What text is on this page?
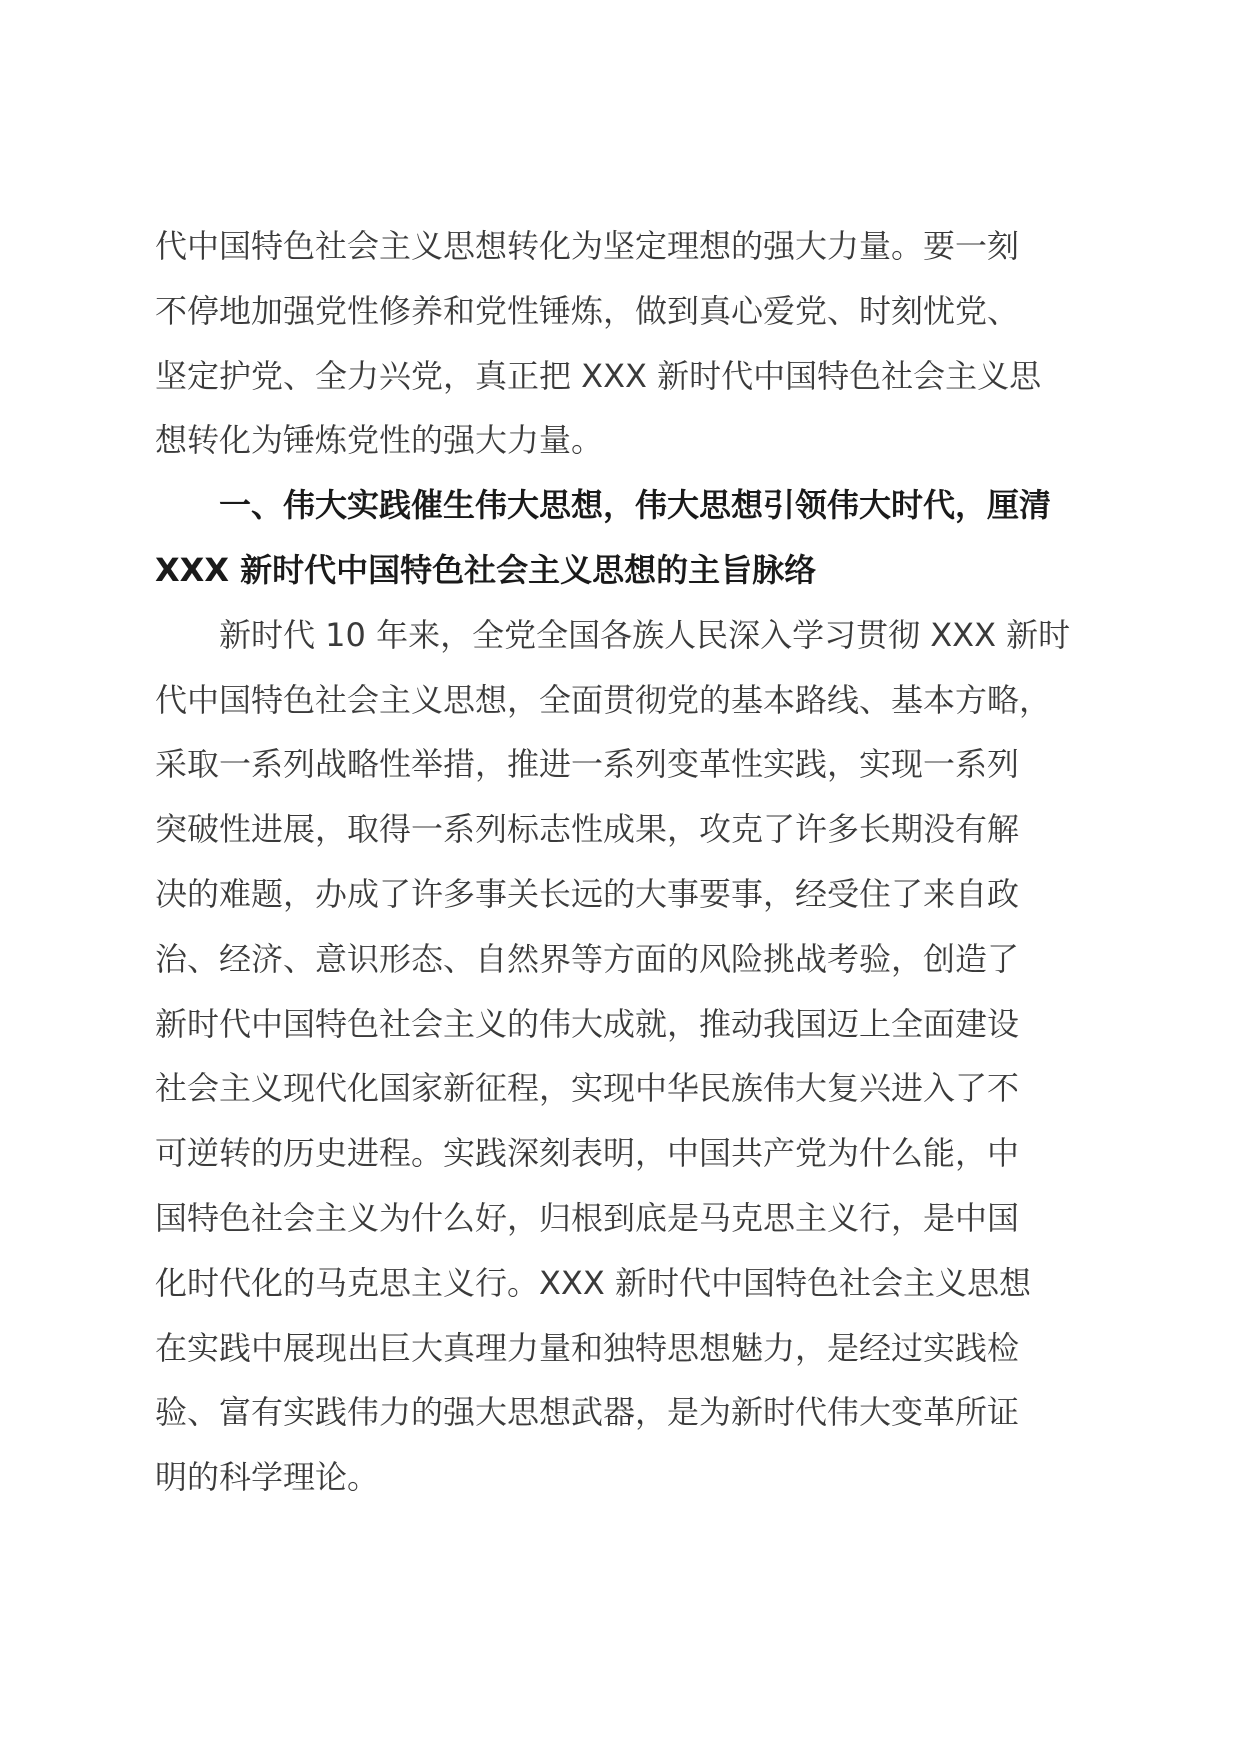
代中国特色社会主义思想转化为坚定理想的强大力量。要一刻
不停地加强党性修养和党性锤炼，做到真心爱党、时刻忧党、
坚定护党、全力兴党，真正把 XXX 新时代中国特色社会主义思
想转化为锤炼党性的强大力量。
　　一、伟大实践催生伟大思想，伟大思想引领伟大时代，厘清
XXX 新时代中国特色社会主义思想的主旨脉络
　　新时代 10 年来，全党全国各族人民深入学习贯彻 XXX 新时
代中国特色社会主义思想，全面贯彻党的基本路线、基本方略，
采取一系列战略性举措，推进一系列变革性实践，实现一系列
突破性进展，取得一系列标志性成果，攻克了许多长期没有解
决的难题，办成了许多事关长远的大事要事，经受住了来自政
治、经济、意识形态、自然界等方面的风险挑战考验，创造了
新时代中国特色社会主义的伟大成就，推动我国迈上全面建设
社会主义现代化国家新征程，实现中华民族伟大复兴进入了不
可逆转的历史进程。实践深刻表明，中国共产党为什么能，中
国特色社会主义为什么好，归根到底是马克思主义行，是中国
化时代化的马克思主义行。XXX 新时代中国特色社会主义思想
在实践中展现出巨大真理力量和独特思想魅力，是经过实践检
验、富有实践伟力的强大思想武器，是为新时代伟大变革所证
明的科学理论。
